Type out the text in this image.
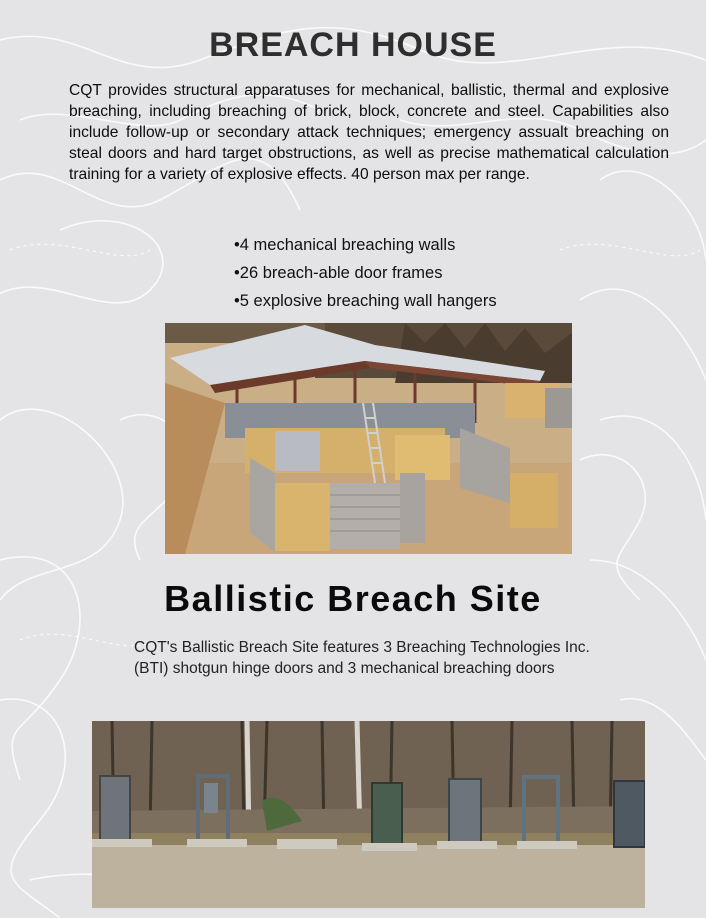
BREACH HOUSE
CQT provides structural apparatuses for mechanical, ballistic, thermal and explosive breaching, including breaching of brick, block, concrete and steel. Capabilities also include follow-up or secondary attack techniques; emergency assualt breaching on steal doors and hard target obstructions, as well as precise mathematical calculation training for a variety of explosive effects. 40 person max per range.
• 4 mechanical breaching walls
• 26 breach-able door frames
• 5 explosive breaching wall hangers
Ballistic Breach Site
CQT's Ballistic Breach Site features 3 Breaching Technologies Inc. (BTI) shotgun hinge doors and 3 mechanical breaching doors
